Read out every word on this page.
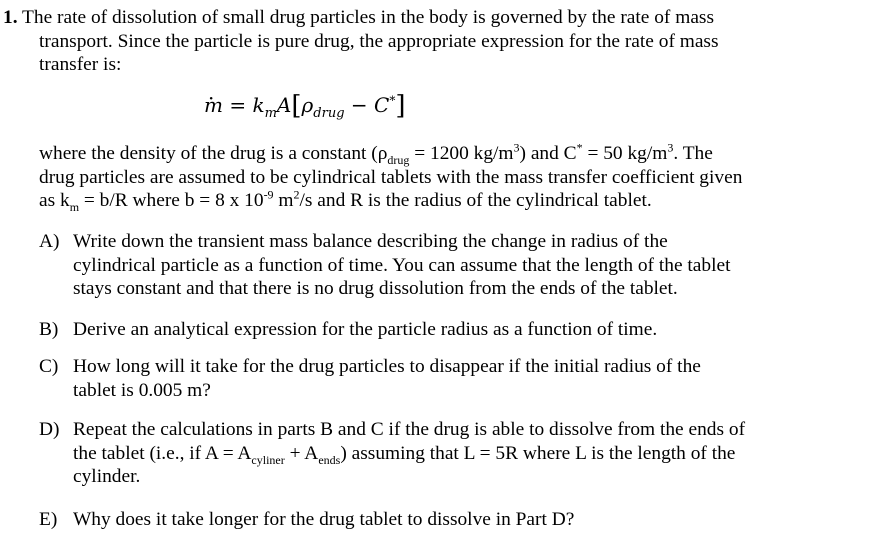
1. The rate of dissolution of small drug particles in the body is governed by the rate of mass
transport. Since the particle is pure drug, the appropriate expression for the rate of mass
transfer is:

· $m = k_mA[\rho_{drug} - C^*]$

where the density of the drug is a constant ($\rho_{drug} = 1200$ $kg/m^3$) and C* = 50 $kg/m^3$. The
drug particles are assumed to be cylindrical tablets with the mass transfer coefficient given
as $k_m = b/R$ where b = 8 x $10^{-9}$ $m^2/s$ and R is the radius of the cylindrical tablet.

A) Write down the transient mass balance describing the change in radius of the
cylindrical particle as a function of time. You can assume that the length of the tablet
stays constant and that there is no drug dissolution from the ends of the tablet.

B) Derive an analytical expression for the particle radius as a function of time.

C) How long will it take for the drug particles to disappear if the initial radius of the
tablet is 0.005 m?

D) Repeat the calculations in parts B and C if the drug is able to dissolve from the ends of
the tablet (i.e., if $A = A_{cyliner} + A_{ends}$) assuming that L = 5R where L is the length of the
cylinder.

E) Why does it take longer for the drug tablet to dissolve in Part D?
